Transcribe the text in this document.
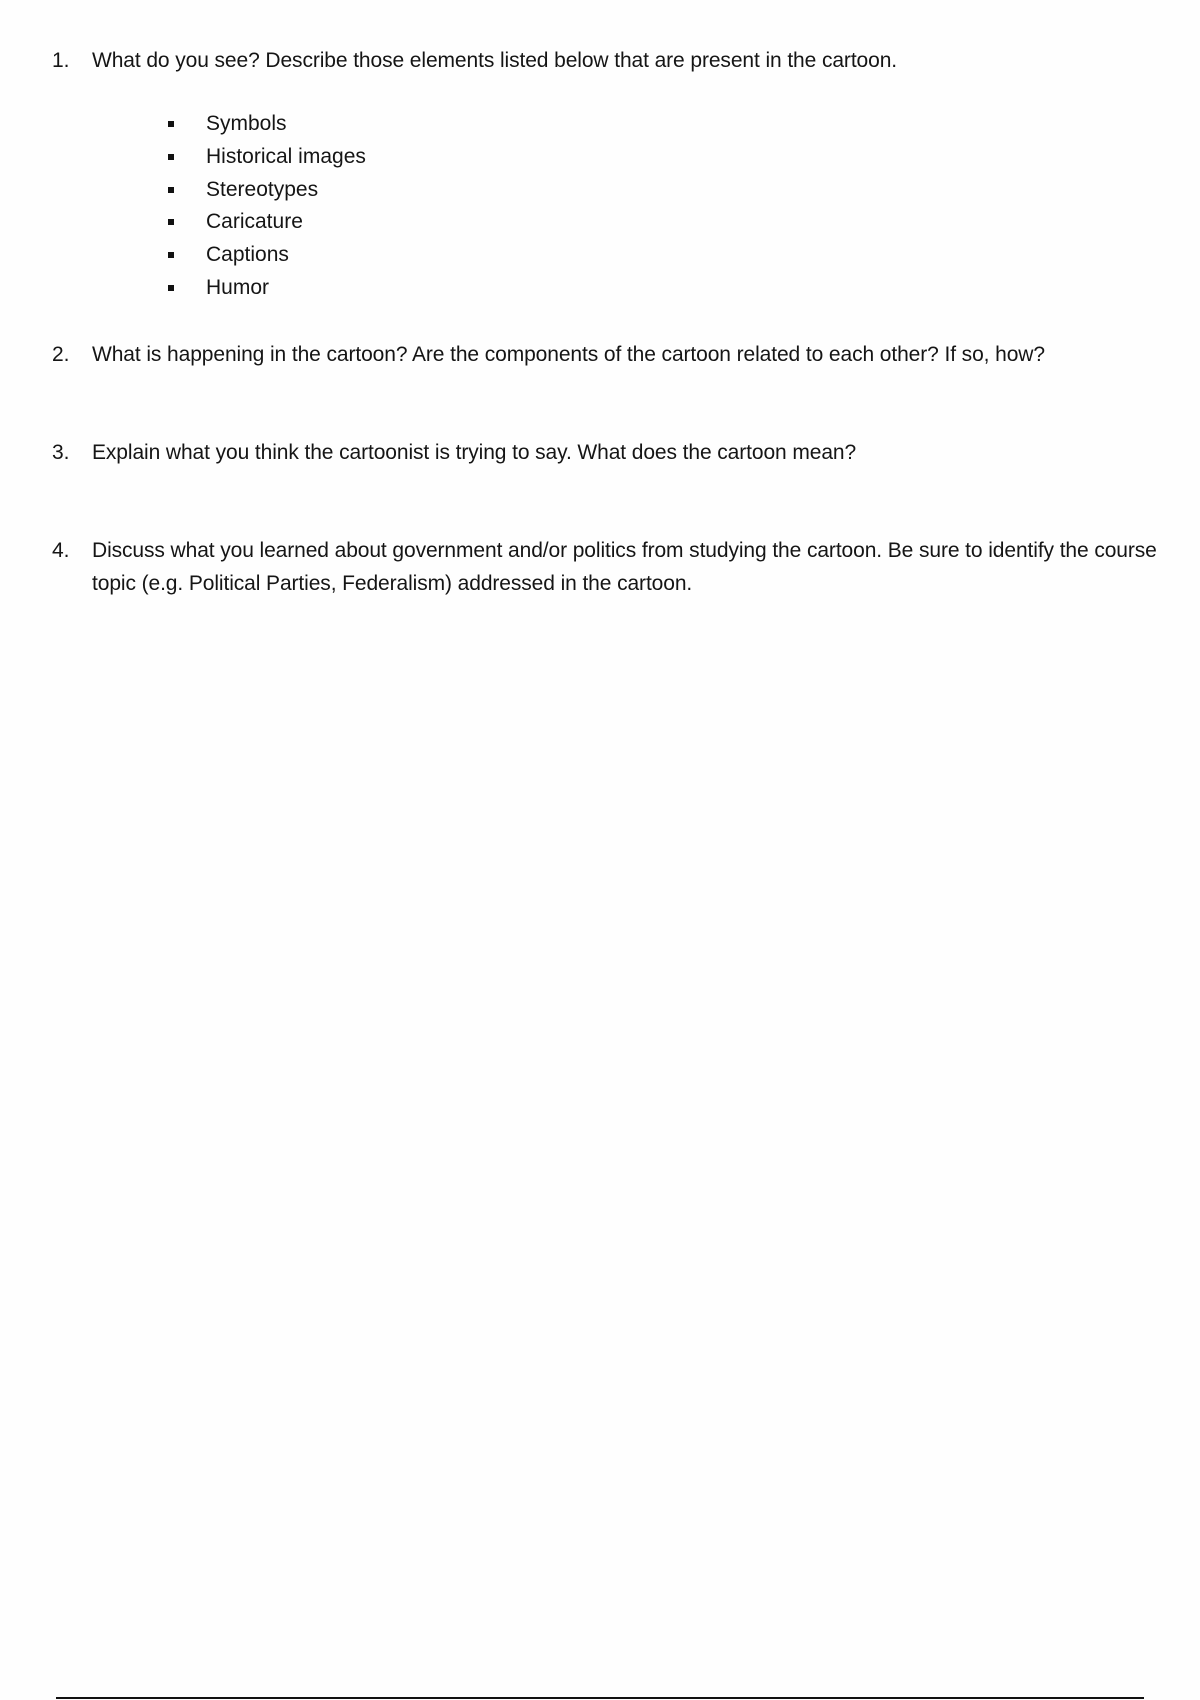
1.	What do you see? Describe those elements listed below that are present in the cartoon.
Symbols
Historical images
Stereotypes
Caricature
Captions
Humor
2.	What is happening in the cartoon? Are the components of the cartoon related to each other? If so, how?
3.	Explain what you think the cartoonist is trying to say. What does the cartoon mean?
4.	Discuss what you learned about government and/or politics from studying the cartoon. Be sure to identify the course topic (e.g. Political Parties, Federalism) addressed in the cartoon.
